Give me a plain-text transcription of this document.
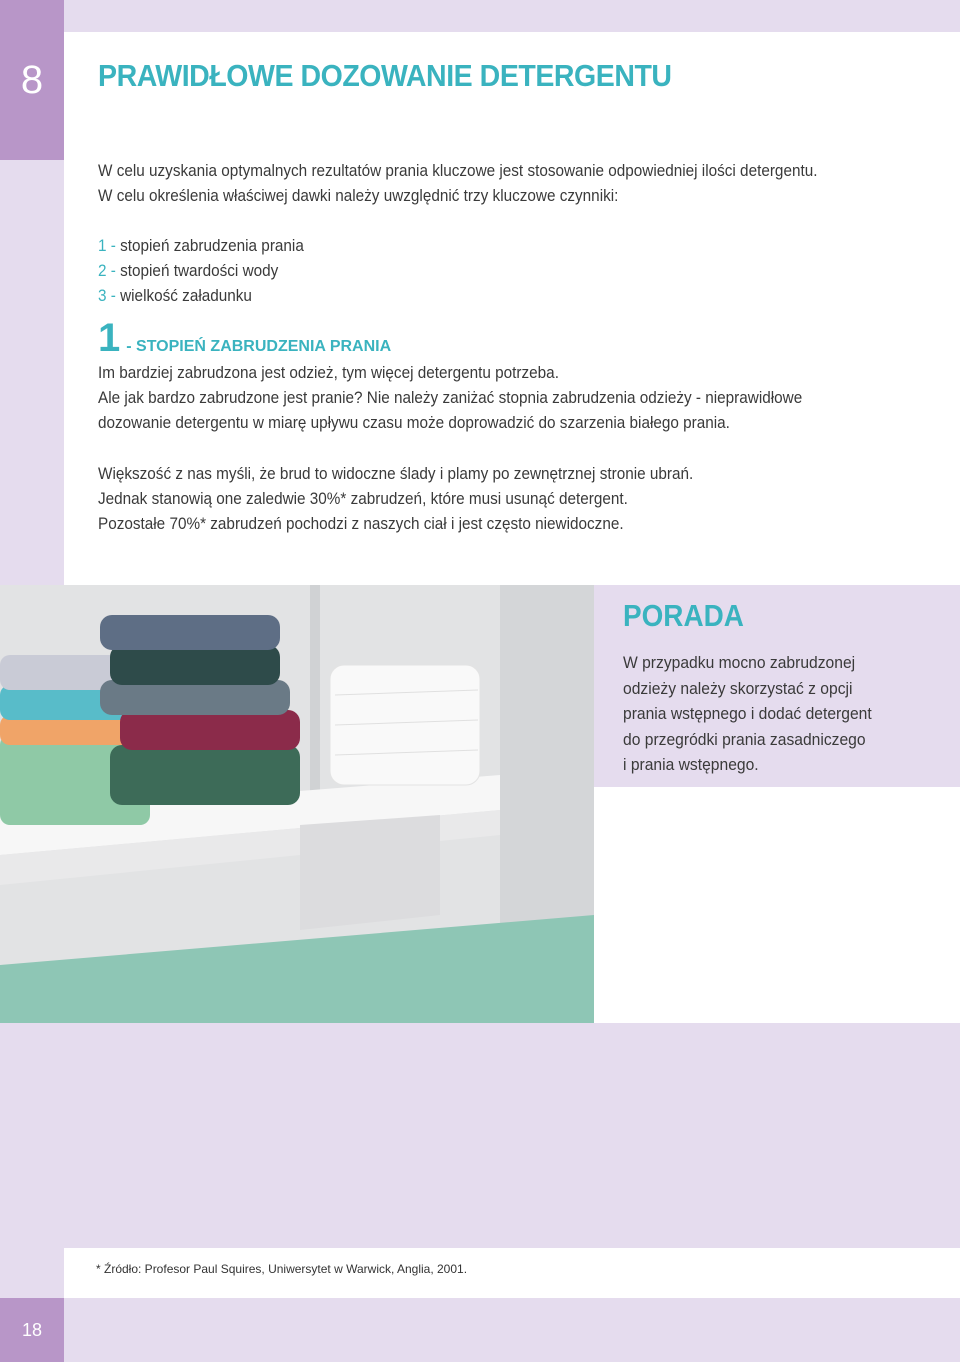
8
18
PRAWIDŁOWE DOZOWANIE DETERGENTU
W celu uzyskania optymalnych rezultatów prania kluczowe jest stosowanie odpowiedniej ilości detergentu.
W celu określenia właściwej dawki należy uwzględnić trzy kluczowe czynniki:
1 - stopień zabrudzenia prania
2 - stopień twardości wody
3 - wielkość załadunku
1 - STOPIEŃ ZABRUDZENIA PRANIA
Im bardziej zabrudzona jest odzież, tym więcej detergentu potrzeba.
Ale jak bardzo zabrudzone jest pranie? Nie należy zaniżać stopnia zabrudzenia odzieży - nieprawidłowe
dozowanie detergentu w miarę upływu czasu może doprowadzić do szarzenia białego prania.
Większość z nas myśli, że brud to widoczne ślady i plamy po zewnętrznej stronie ubrań.
Jednak stanowią one zaledwie 30%* zabrudzeń, które musi usunąć detergent.
Pozostałe 70%* zabrudzeń pochodzi z naszych ciał i jest często niewidoczne.
PORADA
W przypadku mocno zabrudzonej
odzieży należy skorzystać z opcji
prania wstępnego i dodać detergent
do przegródki prania zasadniczego
i prania wstępnego.
* Źródło: Profesor Paul Squires, Uniwersytet w Warwick, Anglia, 2001.
